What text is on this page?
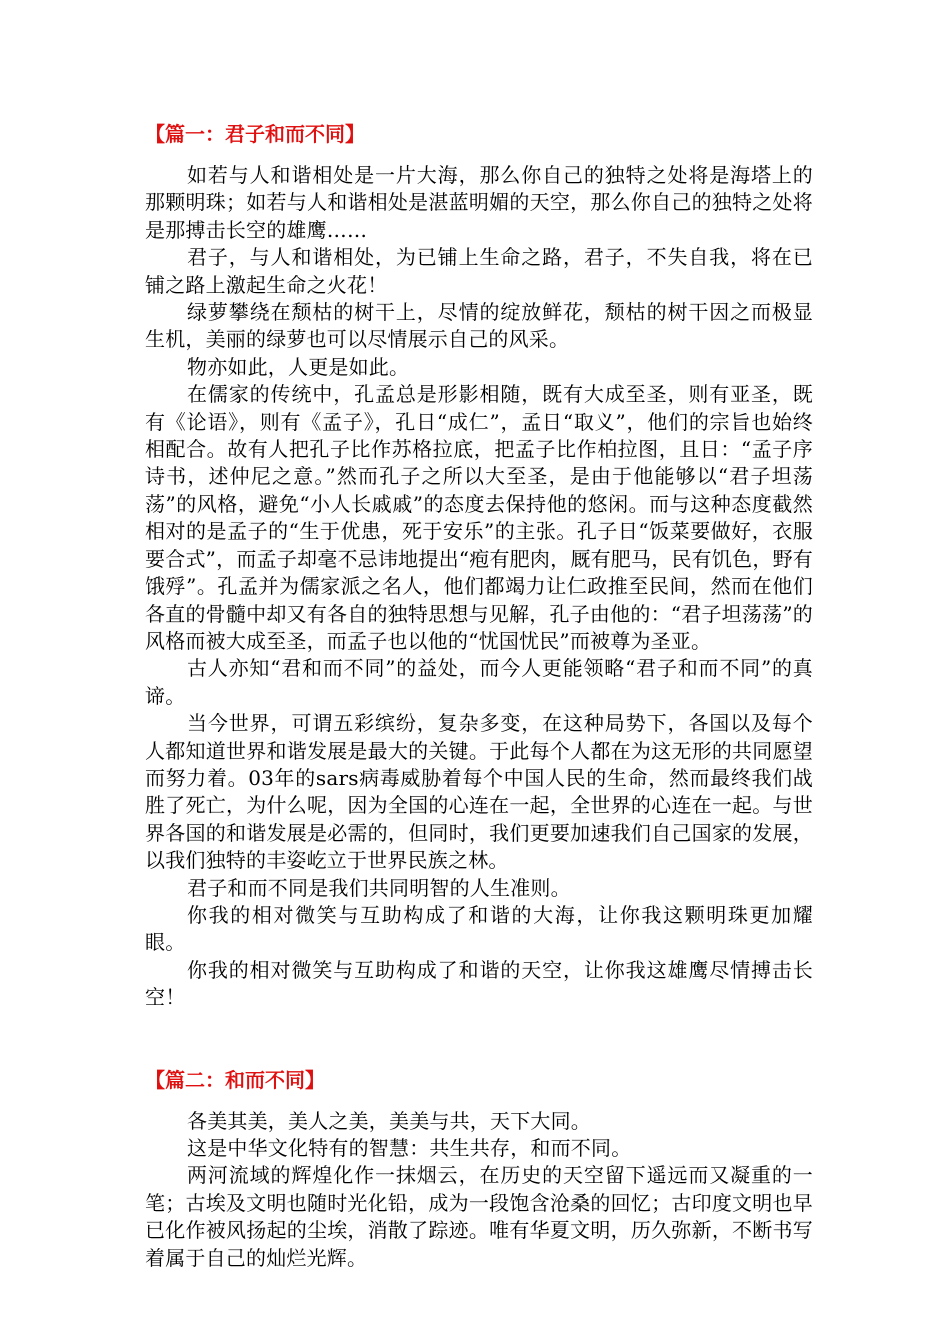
【篇一：君子和而不同】

如若与人和谐相处是一片大海，那么你自己的独特之处将是海塔上的那颗明珠；如若与人和谐相处是湛蓝明媚的天空，那么你自己的独特之处将是那搏击长空的雄鹰……

君子，与人和谐相处，为已铺上生命之路，君子，不失自我，将在已铺之路上激起生命之火花！

绿萝攀绕在颓枯的树干上，尽情的绽放鲜花，颓枯的树干因之而极显生机，美丽的绿萝也可以尽情展示自己的风采。

物亦如此，人更是如此。

在儒家的传统中，孔孟总是形影相随，既有大成至圣，则有亚圣，既有《论语》，则有《孟子》，孔日“成仁”，孟日“取义”，他们的宗旨也始终相配合。故有人把孔子比作苏格拉底，把孟子比作柏拉图，且日：“孟子序诗书，述仲尼之意。”然而孔子之所以大至圣，是由于他能够以“君子坦荡荡”的风格，避免“小人长戚戚”的态度去保持他的悠闲。而与这种态度截然相对的是孟子的“生于优患，死于安乐”的主张。孔子日“饭菜要做好，衣服要合式”，而孟子却毫不忌讳地提出“疱有肥肉，厩有肥马，民有饥色，野有饿殍”。孔孟并为儒家派之名人，他们都竭力让仁政推至民间，然而在他们各直的骨髓中却又有各自的独特思想与见解，孔子由他的：“君子坦荡荡”的风格而被大成至圣，而孟子也以他的“忧国忧民”而被尊为圣亚。

古人亦知“君和而不同”的益处，而今人更能领略“君子和而不同”的真谛。

当今世界，可谓五彩缤纷，复杂多变，在这种局势下，各国以及每个人都知道世界和谐发展是最大的关键。于此每个人都在为这无形的共同愿望而努力着。03年的sars病毒威胁着每个中国人民的生命，然而最终我们战胜了死亡，为什么呢，因为全国的心连在一起，全世界的心连在一起。与世界各国的和谐发展是必需的，但同时，我们更要加速我们自己国家的发展，以我们独特的丰姿屹立于世界民族之林。

君子和而不同是我们共同明智的人生准则。

你我的相对微笑与互助构成了和谐的大海，让你我这颗明珠更加耀眼。

你我的相对微笑与互助构成了和谐的天空，让你我这雄鹰尽情搏击长空！

【篇二：和而不同】

各美其美，美人之美，美美与共，天下大同。

这是中华文化特有的智慧：共生共存，和而不同。

两河流域的辉煌化作一抹烟云，在历史的天空留下遥远而又凝重的一笔；古埃及文明也随时光化铅，成为一段饱含沧桑的回忆；古印度文明也早已化作被风扬起的尘埃，消散了踪迹。唯有华夏文明，历久弥新，不断书写着属于自己的灿烂光辉。
